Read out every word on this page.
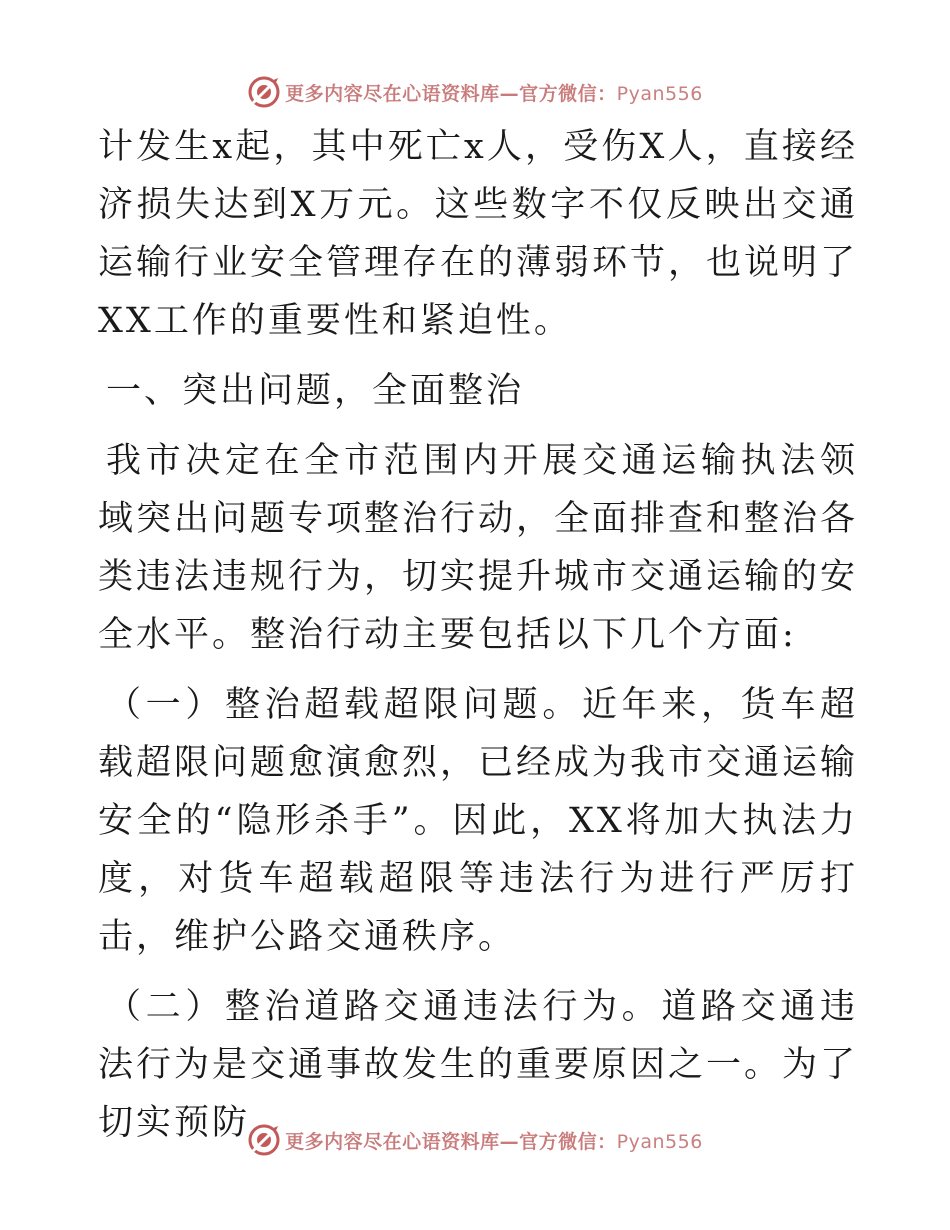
更多内容尽在心语资料库—官方微信：Pyan556

计发生x起，其中死亡x人，受伤X人，直接经济损失达到X万元。这些数字不仅反映出交通运输行业安全管理存在的薄弱环节，也说明了XX工作的重要性和紧迫性。

一、突出问题，全面整治

我市决定在全市范围内开展交通运输执法领域突出问题专项整治行动，全面排查和整治各类违法违规行为，切实提升城市交通运输的安全水平。整治行动主要包括以下几个方面:

（一）整治超载超限问题。近年来，货车超载超限问题愈演愈烈，已经成为我市交通运输安全的“隐形杀手”。因此，XX将加大执法力度，对货车超载超限等违法行为进行严厉打击，维护公路交通秩序。

（二）整治道路交通违法行为。道路交通违法行为是交通事故发生的重要原因之一。为了切实预防	更多内容尽在心语资料库—官方微信：Pyan556
